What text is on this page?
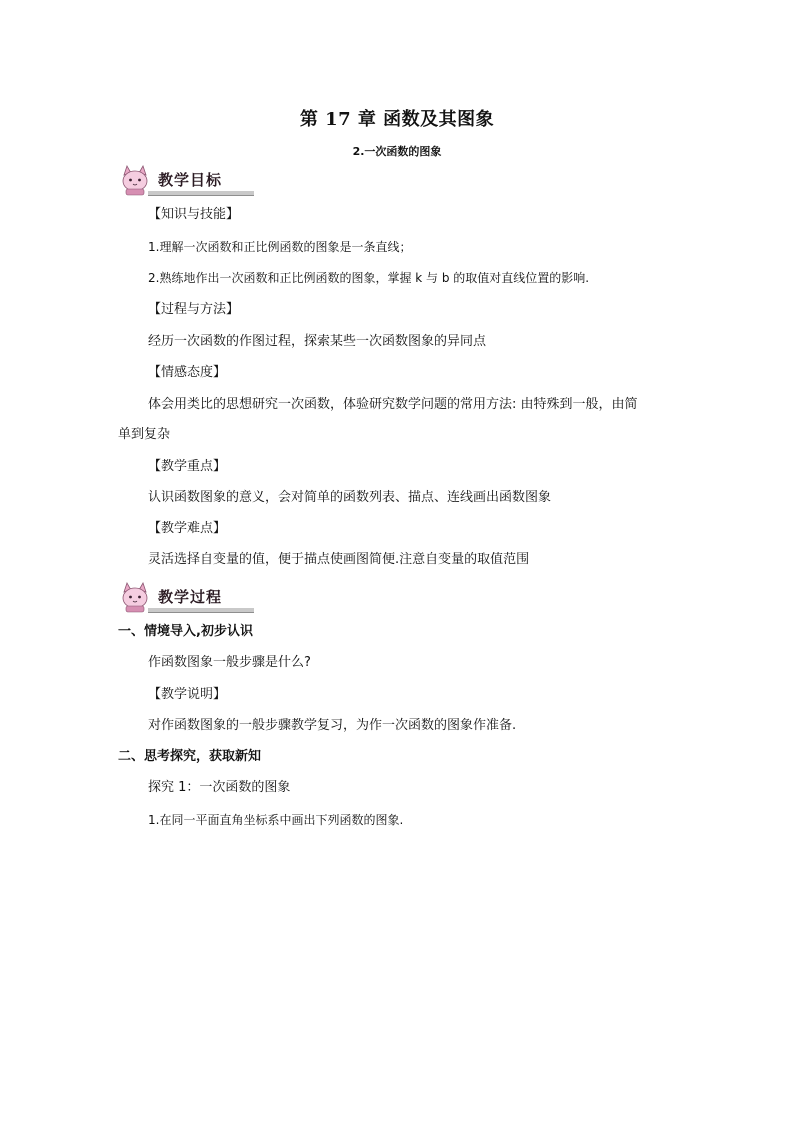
第 17 章 函数及其图象
2.一次函数的图象
教学目标
【知识与技能】
1.理解一次函数和正比例函数的图象是一条直线；
2.熟练地作出一次函数和正比例函数的图象，掌握 k 与 b 的取值对直线位置的影响.
【过程与方法】
经历一次函数的作图过程，探索某些一次函数图象的异同点
【情感态度】
体会用类比的思想研究一次函数，体验研究数学问题的常用方法: 由特殊到一般，由简
单到复杂
【教学重点】
认识函数图象的意义，会对简单的函数列表、描点、连线画出函数图象
【教学难点】
灵活选择自变量的值，便于描点使画图简便.注意自变量的取值范围
教学过程
一、情境导入,初步认识
作函数图象一般步骤是什么?
【教学说明】
对作函数图象的一般步骤教学复习，为作一次函数的图象作准备.
二、思考探究，获取新知
探究 1：一次函数的图象
1.在同一平面直角坐标系中画出下列函数的图象.
